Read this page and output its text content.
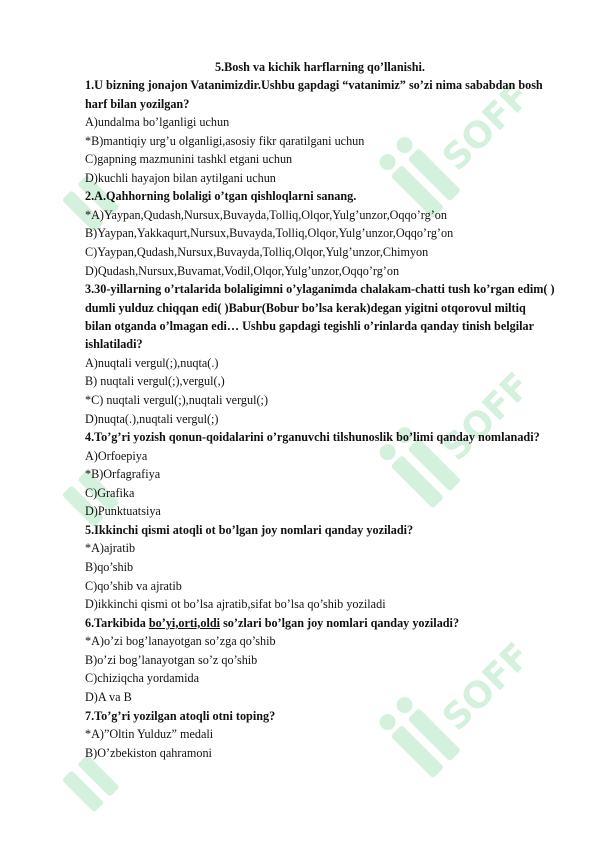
SOFF
SOFF
SOFF
5.Bosh va kichik harflarning qo’llanishi.
1.U bizning jonajon Vatanimizdir.Ushbu gapdagi “vatanimiz” so’zi nima sababdan bosh harf bilan yozilgan?
A)undalma bo’lganligi uchun
*B)mantiqiy urg’u olganligi,asosiy fikr qaratilgani uchun
C)gapning mazmunini tashkl etgani uchun
D)kuchli hayajon bilan aytilgani uchun
2.A.Qahhorning bolaligi o’tgan qishloqlarni sanang.
*A)Yaypan,Qudash,Nursux,Buvayda,Tolliq,Olqor,Yulg’unzor,Oqqo’rg’on
B)Yaypan,Yakkaqurt,Nursux,Buvayda,Tolliq,Olqor,Yulg’unzor,Oqqo’rg’on
C)Yaypan,Qudash,Nursux,Buvayda,Tolliq,Olqor,Yulg’unzor,Chimyon
D)Qudash,Nursux,Buvamat,Vodil,Olqor,Yulg’unzor,Oqqo’rg’on
3.30-yillarning o’rtalarida bolaligimni o’ylaganimda chalakam-chatti tush ko’rgan edim( ) dumli yulduz chiqqan edi( )Babur(Bobur bo’lsa kerak)degan yigitni otqorovul miltiq bilan otganda o’lmagan edi… Ushbu gapdagi tegishli o’rinlarda qanday tinish belgilar ishlatiladi?
A)nuqtali vergul(;),nuqta(.)
B) nuqtali vergul(;),vergul(,)
*C) nuqtali vergul(;),nuqtali vergul(;)
D)nuqta(.),nuqtali vergul(;)
4.To’g’ri yozish qonun-qoidalarini o’rganuvchi tilshunoslik bo’limi qanday nomlanadi?
A)Orfoepiya
*B)Orfagrafiya
C)Grafika
D)Punktuatsiya
5.Ikkinchi qismi atoqli ot bo’lgan joy nomlari qanday yoziladi?
*A)ajratib
B)qo’shib
C)qo’shib va ajratib
D)ikkinchi qismi ot bo’lsa ajratib,sifat bo’lsa qo’shib yoziladi
6.Tarkibida bo’yi,orti,oldi so’zlari bo’lgan joy nomlari qanday yoziladi?
*A)o’zi bog’lanayotgan so’zga qo’shib
B)o’zi bog’lanayotgan so’z qo’shib
C)chiziqcha yordamida
D)A va B
7.To’g’ri yozilgan atoqli otni toping?
*A)”Oltin Yulduz” medali
B)O’zbekiston qahramoni
